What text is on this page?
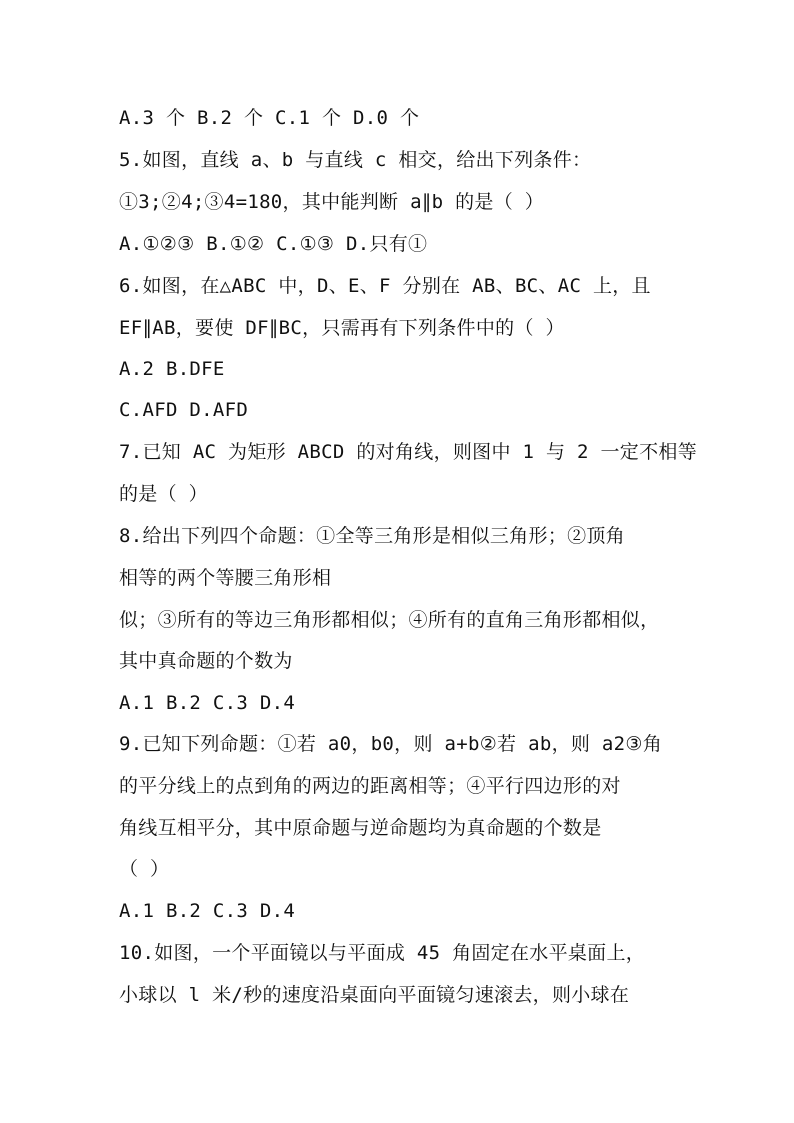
A.3 个 B.2 个 C.1 个 D.0 个
5.如图，直线 a、b 与直线 c 相交，给出下列条件：
①3;②4;③4=180，其中能判断 a∥b 的是（ ）
A.①②③ B.①② C.①③ D.只有①
6.如图，在△ABC 中，D、E、F 分别在 AB、BC、AC 上，且
EF∥AB，要使 DF∥BC，只需再有下列条件中的（ ）
A.2 B.DFE
C.AFD D.AFD
7.已知 AC 为矩形 ABCD 的对角线，则图中 1 与 2 一定不相等
的是（ ）
8.给出下列四个命题：①全等三角形是相似三角形；②顶角
相等的两个等腰三角形相
似；③所有的等边三角形都相似；④所有的直角三角形都相似，
其中真命题的个数为
A.1 B.2 C.3 D.4
9.已知下列命题：①若 a0，b0，则 a+b②若 ab，则 a2③角
的平分线上的点到角的两边的距离相等；④平行四边形的对
角线互相平分，其中原命题与逆命题均为真命题的个数是
（ ）
A.1 B.2 C.3 D.4
10.如图，一个平面镜以与平面成 45 角固定在水平桌面上，
小球以 l 米/秒的速度沿桌面向平面镜匀速滚去，则小球在
